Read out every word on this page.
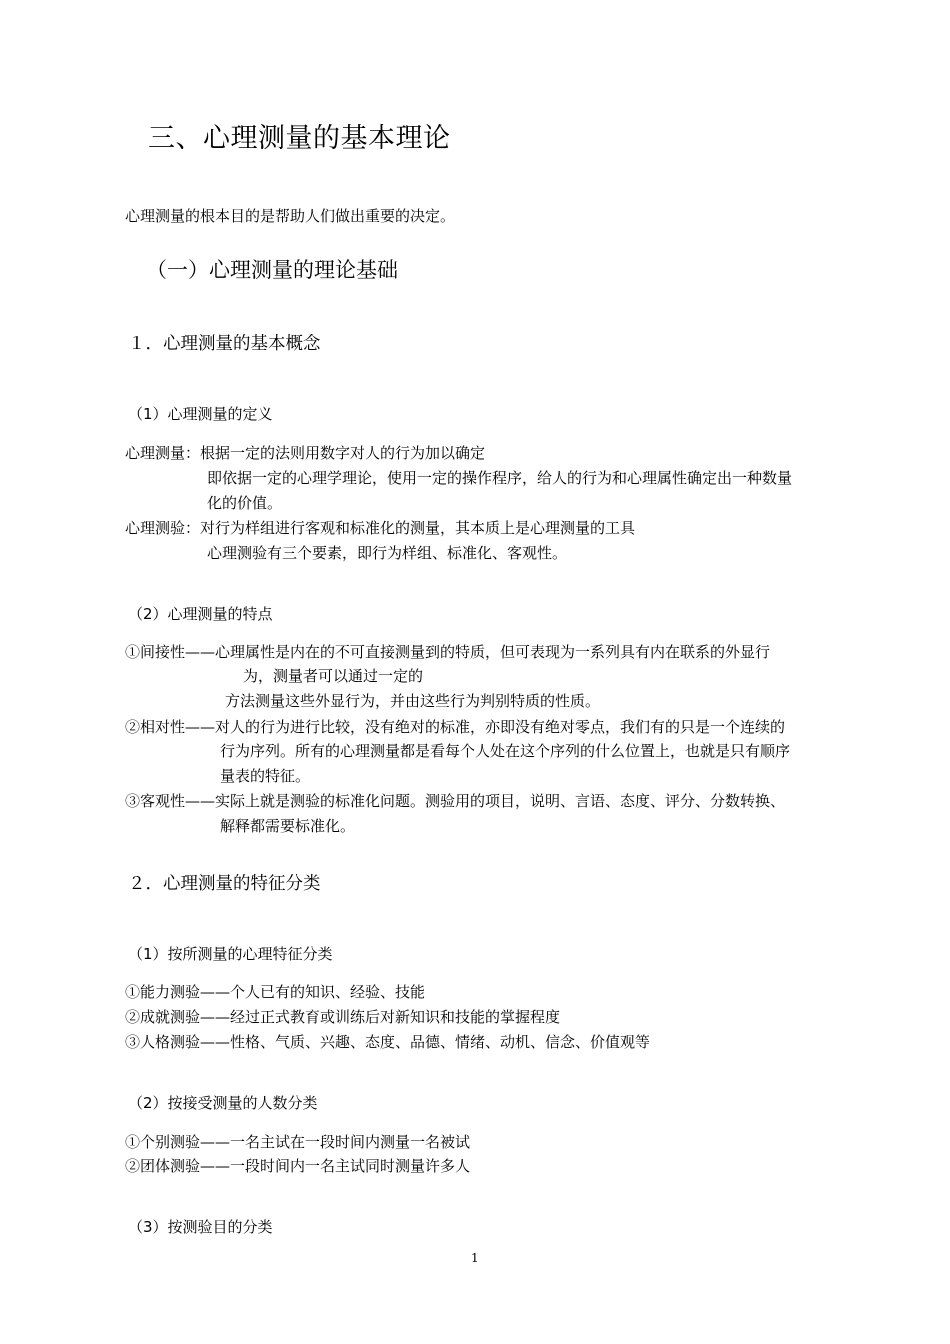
三、心理测量的基本理论
心理测量的根本目的是帮助人们做出重要的决定。
（一）心理测量的理论基础
１．心理测量的基本概念
（1）心理测量的定义
心理测量：根据一定的法则用数字对人的行为加以确定
即依据一定的心理学理论，使用一定的操作程序，给人的行为和心理属性确定出一种数量
化的价值。
心理测验：对行为样组进行客观和标准化的测量，其本质上是心理测量的工具
心理测验有三个要素，即行为样组、标准化、客观性。
（2）心理测量的特点
①间接性——心理属性是内在的不可直接测量到的特质，但可表现为一系列具有内在联系的外显行
为，测量者可以通过一定的
方法测量这些外显行为，并由这些行为判别特质的性质。
②相对性——对人的行为进行比较，没有绝对的标准，亦即没有绝对零点，我们有的只是一个连续的
行为序列。所有的心理测量都是看每个人处在这个序列的什么位置上，也就是只有顺序
量表的特征。
③客观性——实际上就是测验的标准化问题。测验用的项目，说明、言语、态度、评分、分数转换、
解释都需要标准化。
２．心理测量的特征分类
（1）按所测量的心理特征分类
①能力测验——个人已有的知识、经验、技能
②成就测验——经过正式教育或训练后对新知识和技能的掌握程度
③人格测验——性格、气质、兴趣、态度、品德、情绪、动机、信念、价值观等
（2）按接受测量的人数分类
①个别测验——一名主试在一段时间内测量一名被试
②团体测验——一段时间内一名主试同时测量许多人
（3）按测验目的分类
1
